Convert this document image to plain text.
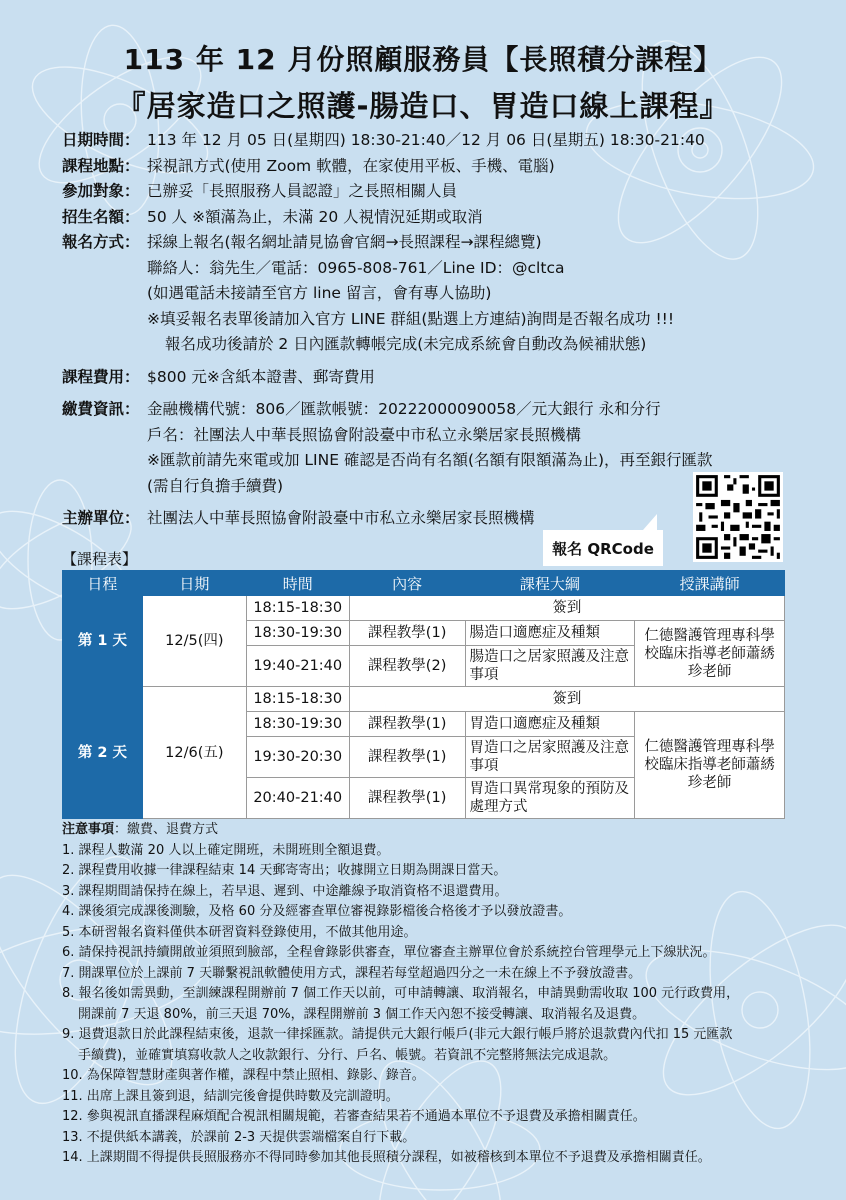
113 年 12 月份照顧服務員【長照積分課程】
『居家造口之照護-腸造口、胃造口線上課程』
日期時間： 113 年 12 月 05 日(星期四) 18:30-21:40／12 月 06 日(星期五) 18:30-21:40
課程地點： 採視訊方式(使用 Zoom 軟體，在家使用平板、手機、電腦)
參加對象： 已辦妥「長照服務人員認證」之長照相關人員
招生名額： 50 人 ※額滿為止，未滿 20 人視情況延期或取消
報名方式： 採線上報名(報名網址請見協會官網→長照課程→課程總覽)
聯絡人：翁先生／電話：0965-808-761／Line ID：@cltca
(如遇電話未接請至官方 line 留言，會有專人協助)
※填妥報名表單後請加入官方 LINE 群組(點選上方連結)詢問是否報名成功 !!!
報名成功後請於 2 日內匯款轉帳完成(未完成系統會自動改為候補狀態)
課程費用： $800 元※含紙本證書、郵寄費用
繳費資訊： 金融機構代號：806／匯款帳號：20222000090058／元大銀行 永和分行
戶名：社團法人中華長照協會附設臺中市私立永樂居家長照機構
※匯款前請先來電或加 LINE 確認是否尚有名額(名額有限額滿為止)，再至銀行匯款
(需自行負擔手續費)
主辦單位： 社團法人中華長照協會附設臺中市私立永樂居家長照機構
報名 QRCode
【課程表】
日程	日期	時間	內容	課程大綱	授課講師
第 1 天	12/5(四)	18:15-18:30	簽到		
		18:30-19:30	課程教學(1)	腸造口適應症及種類	仁德醫護管理專科學校臨床指導老師蕭綉珍老師
		19:40-21:40	課程教學(2)	腸造口之居家照護及注意事項	
第 2 天	12/6(五)	18:15-18:30	簽到		
		18:30-19:30	課程教學(1)	胃造口適應症及種類	仁德醫護管理專科學校臨床指導老師蕭綉珍老師
		19:30-20:30	課程教學(1)	胃造口之居家照護及注意事項	
		20:40-21:40	課程教學(1)	胃造口異常現象的預防及處理方式	
注意事項：繳費、退費方式
1. 課程人數滿 20 人以上確定開班，未開班則全額退費。
2. 課程費用收據一律課程結束 14 天郵寄寄出；收據開立日期為開課日當天。
3. 課程期間請保持在線上，若早退、遲到、中途離線予取消資格不退還費用。
4. 課後須完成課後測驗，及格 60 分及經審查單位審視錄影檔後合格後才予以發放證書。
5. 本研習報名資料僅供本研習資料登錄使用，不做其他用途。
6. 請保持視訊持續開啟並須照到臉部，全程會錄影供審查，單位審查主辦單位會於系統控台管理學元上下線狀況。
7. 開課單位於上課前 7 天聯繫視訊軟體使用方式，課程若每堂超過四分之一未在線上不予發放證書。
8. 報名後如需異動，至訓練課程開辦前 7 個工作天以前，可申請轉讓、取消報名，申請異動需收取 100 元行政費用，
開課前 7 天退 80%，前三天退 70%，課程開辦前 3 個工作天內恕不接受轉讓、取消報名及退費。
9. 退費退款日於此課程結束後，退款一律採匯款。請提供元大銀行帳戶(非元大銀行帳戶將於退款費內代扣 15 元匯款
手續費)，並確實填寫收款人之收款銀行、分行、戶名、帳號。若資訊不完整將無法完成退款。
10. 為保障智慧財產與著作權，課程中禁止照相、錄影、錄音。
11. 出席上課且簽到退，結訓完後會提供時數及完訓證明。
12. 參與視訊直播課程麻煩配合視訊相關規範，若審查結果若不通過本單位不予退費及承擔相關責任。
13. 不提供紙本講義，於課前 2-3 天提供雲端檔案自行下載。
14. 上課期間不得提供長照服務亦不得同時參加其他長照積分課程，如被稽核到本單位不予退費及承擔相關責任。
